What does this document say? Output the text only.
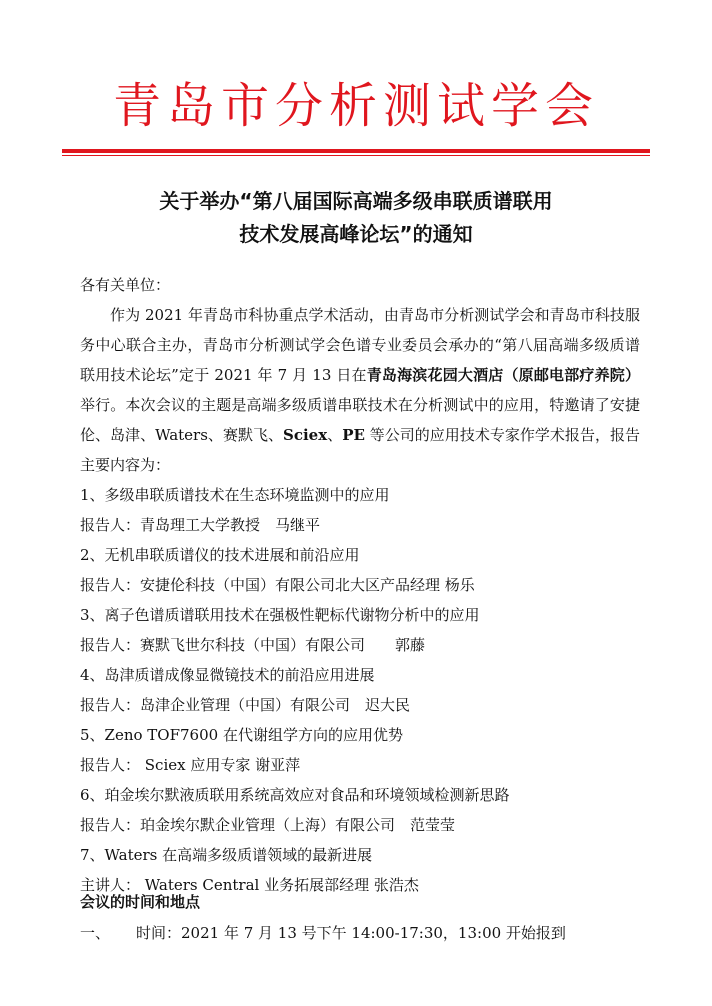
青岛市分析测试学会
关于举办“第八届国际高端多级串联质谱联用
技术发展高峰论坛”的通知
各有关单位：

作为 2021 年青岛市科协重点学术活动，由青岛市分析测试学会和青岛市科技服务中心联合主办，青岛市分析测试学会色谱专业委员会承办的“第八届高端多级质谱联用技术论坛”定于 2021 年 7 月 13 日在青岛海滨花园大酒店（原邮电部疗养院）举行。本次会议的主题是高端多级质谱串联技术在分析测试中的应用，特邀请了安捷伦、岛津、Waters、赛默飞、Sciex、PE 等公司的应用技术专家作学术报告，报告主要内容为：

1、多级串联质谱技术在生态环境监测中的应用
报告人：青岛理工大学教授　马继平
2、无机串联质谱仪的技术进展和前沿应用
报告人：安捷伦科技（中国）有限公司北大区产品经理 杨乐
3、离子色谱质谱联用技术在强极性靶标代谢物分析中的应用
报告人：赛默飞世尔科技（中国）有限公司　　郭藤
4、岛津质谱成像显微镜技术的前沿应用进展
报告人：岛津企业管理（中国）有限公司　迟大民
5、Zeno TOF7600 在代谢组学方向的应用优势
报告人： Sciex 应用专家 谢亚萍
6、珀金埃尔默液质联用系统高效应对食品和环境领域检测新思路
报告人：珀金埃尔默企业管理（上海）有限公司　范莹莹
7、Waters 在高端多级质谱领域的最新进展
主讲人： Waters Central 业务拓展部经理 张浩杰
会议的时间和地点
一、 时间：2021 年 7 月 13 号下午 14:00-17:30，13:00 开始报到
